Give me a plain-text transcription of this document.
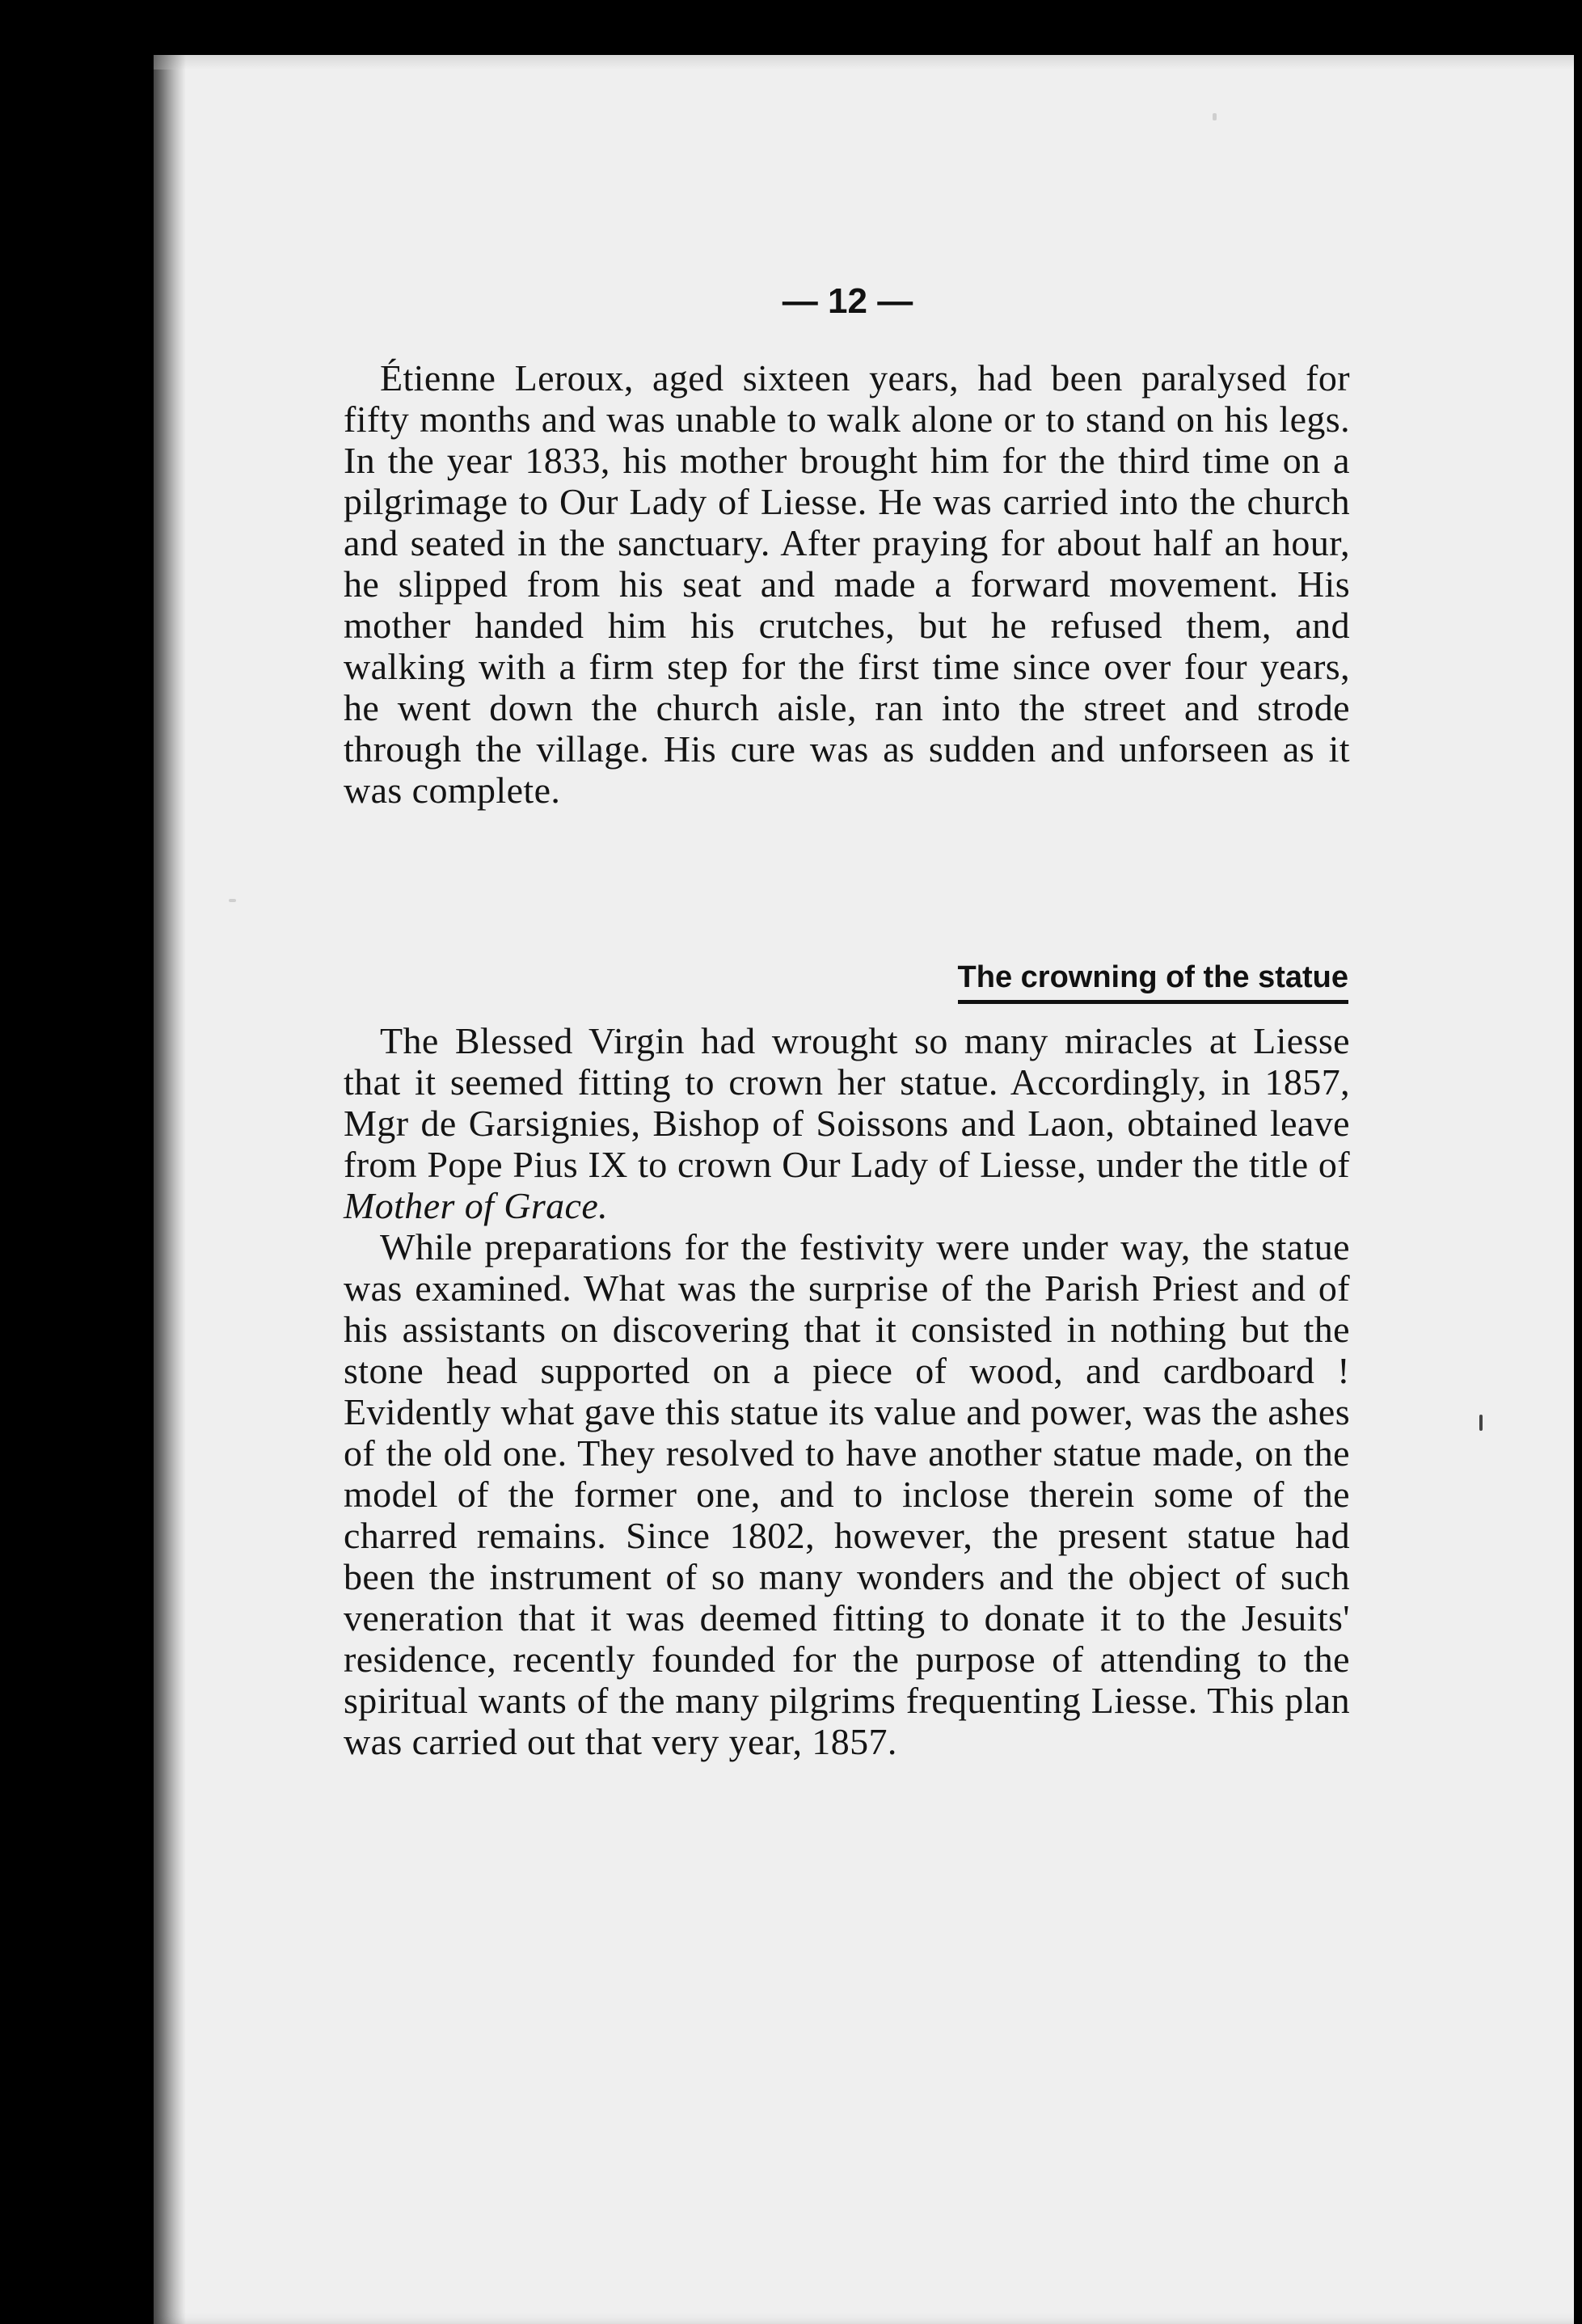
— 12 —

Étienne Leroux, aged sixteen years, had been paralysed for fifty months and was unable to walk alone or to stand on his legs. In the year 1833, his mother brought him for the third time on a pilgrimage to Our Lady of Liesse. He was carried into the church and seated in the sanctuary. After praying for about half an hour, he slipped from his seat and made a forward movement. His mother handed him his crutches, but he refused them, and walking with a firm step for the first time since over four years, he went down the church aisle, ran into the street and strode through the village. His cure was as sudden and unforseen as it was complete.

The crowning of the statue

The Blessed Virgin had wrought so many miracles at Liesse that it seemed fitting to crown her statue. Accordingly, in 1857, Mgr de Garsignies, Bishop of Soissons and Laon, obtained leave from Pope Pius IX to crown Our Lady of Liesse, under the title of Mother of Grace.

While preparations for the festivity were under way, the statue was examined. What was the surprise of the Parish Priest and of his assistants on discovering that it consisted in nothing but the stone head supported on a piece of wood, and cardboard ! Evidently what gave this statue its value and power, was the ashes of the old one. They resolved to have another statue made, on the model of the former one, and to inclose therein some of the charred remains. Since 1802, however, the present statue had been the instrument of so many wonders and the object of such veneration that it was deemed fitting to donate it to the Jesuits' residence, recently founded for the purpose of attending to the spiritual wants of the many pilgrims frequenting Liesse. This plan was carried out that very year, 1857.
